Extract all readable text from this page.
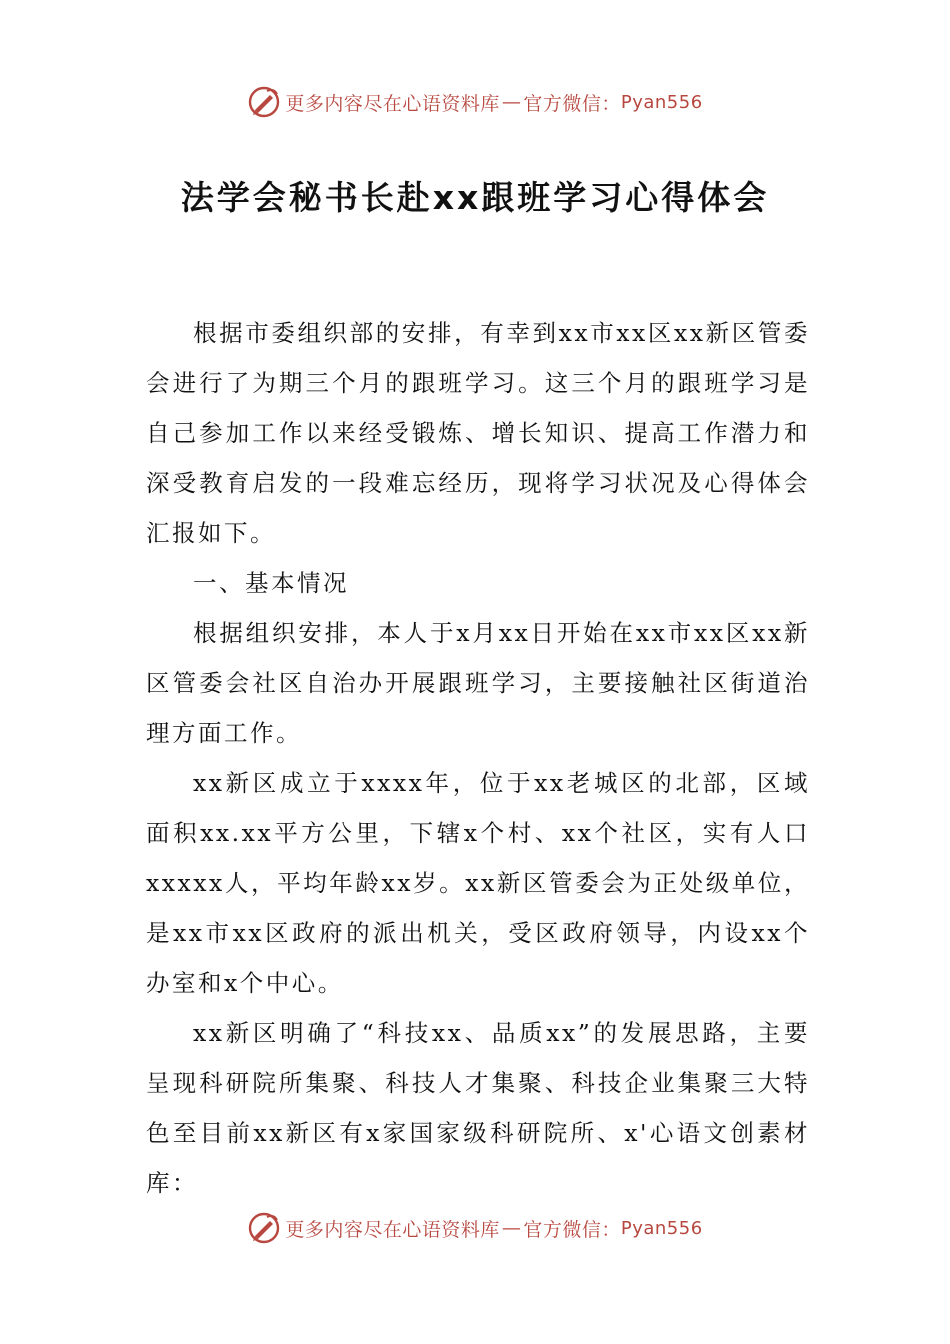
更多内容尽在心语资料库 — 官方微信： Pyan556
法学会秘书长赴xx跟班学习心得体会

根据市委组织部的安排，有幸到xx市xx区xx新区管委会进行了为期三个月的跟班学习。这三个月的跟班学习是自己参加工作以来经受锻炼、增长知识、提高工作潜力和深受教育启发的一段难忘经历，现将学习状况及心得体会汇报如下。

一、基本情况

根据组织安排，本人于x月xx日开始在xx市xx区xx新区管委会社区自治办开展跟班学习，主要接触社区街道治理方面工作。

xx新区成立于xxxx年，位于xx老城区的北部，区域面积xx.xx平方公里，下辖x个村、xx个社区，实有人口xxxxx人，平均年龄xx岁。xx新区管委会为正处级单位，是xx市xx区政府的派出机关，受区政府领导，内设xx个办室和x个中心。

xx新区明确了“科技xx、品质xx”的发展思路，主要呈现科研院所集聚、科技人才集聚、科技企业集聚三大特色至目前xx新区有x家国家级科研院所、x'心语文创素材库：

更多内容尽在心语资料库 — 官方微信： Pyan556
